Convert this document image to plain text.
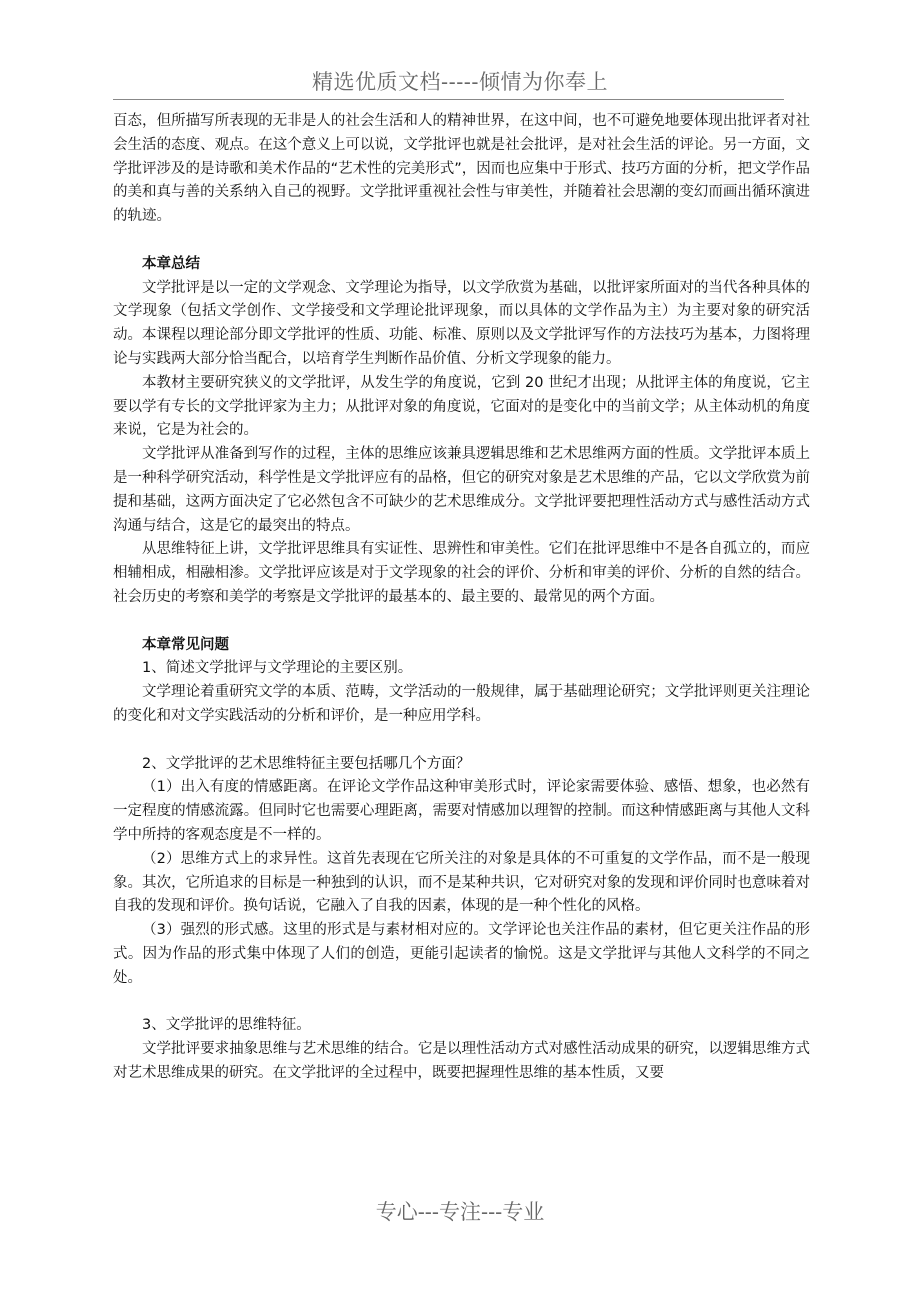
精选优质文档-----倾情为你奉上

百态，但所描写所表现的无非是人的社会生活和人的精神世界，在这中间，也不可避免地要体现出批评者对社会生活的态度、观点。在这个意义上可以说，文学批评也就是社会批评，是对社会生活的评论。另一方面，文学批评涉及的是诗歌和美术作品的“艺术性的完美形式”，因而也应集中于形式、技巧方面的分析，把文学作品的美和真与善的关系纳入自己的视野。文学批评重视社会性与审美性，并随着社会思潮的变幻而画出循环演进的轨迹。

本章总结

文学批评是以一定的文学观念、文学理论为指导，以文学欣赏为基础，以批评家所面对的当代各种具体的文学现象（包括文学创作、文学接受和文学理论批评现象，而以具体的文学作品为主）为主要对象的研究活动。本课程以理论部分即文学批评的性质、功能、标准、原则以及文学批评写作的方法技巧为基本，力图将理论与实践两大部分恰当配合，以培育学生判断作品价值、分析文学现象的能力。

本教材主要研究狭义的文学批评，从发生学的角度说，它到 20 世纪才出现；从批评主体的角度说，它主要以学有专长的文学批评家为主力；从批评对象的角度说，它面对的是变化中的当前文学；从主体动机的角度来说，它是为社会的。

文学批评从准备到写作的过程，主体的思维应该兼具逻辑思维和艺术思维两方面的性质。文学批评本质上是一种科学研究活动，科学性是文学批评应有的品格，但它的研究对象是艺术思维的产品，它以文学欣赏为前提和基础，这两方面决定了它必然包含不可缺少的艺术思维成分。文学批评要把理性活动方式与感性活动方式沟通与结合，这是它的最突出的特点。

从思维特征上讲，文学批评思维具有实证性、思辨性和审美性。它们在批评思维中不是各自孤立的，而应相辅相成，相融相渗。文学批评应该是对于文学现象的社会的评价、分析和审美的评价、分析的自然的结合。社会历史的考察和美学的考察是文学批评的最基本的、最主要的、最常见的两个方面。

本章常见问题

1、简述文学批评与文学理论的主要区别。

文学理论着重研究文学的本质、范畴，文学活动的一般规律，属于基础理论研究；文学批评则更关注理论的变化和对文学实践活动的分析和评价，是一种应用学科。

2、文学批评的艺术思维特征主要包括哪几个方面？

（1）出入有度的情感距离。在评论文学作品这种审美形式时，评论家需要体验、感悟、想象，也必然有一定程度的情感流露。但同时它也需要心理距离，需要对情感加以理智的控制。而这种情感距离与其他人文科学中所持的客观态度是不一样的。

（2）思维方式上的求异性。这首先表现在它所关注的对象是具体的不可重复的文学作品，而不是一般现象。其次，它所追求的目标是一种独到的认识，而不是某种共识，它对研究对象的发现和评价同时也意味着对自我的发现和评价。换句话说，它融入了自我的因素，体现的是一种个性化的风格。

（3）强烈的形式感。这里的形式是与素材相对应的。文学评论也关注作品的素材，但它更关注作品的形式。因为作品的形式集中体现了人们的创造，更能引起读者的愉悦。这是文学批评与其他人文科学的不同之处。

3、文学批评的思维特征。

文学批评要求抽象思维与艺术思维的结合。它是以理性活动方式对感性活动成果的研究，以逻辑思维方式对艺术思维成果的研究。在文学批评的全过程中，既要把握理性思维的基本性质，又要

专心---专注---专业
